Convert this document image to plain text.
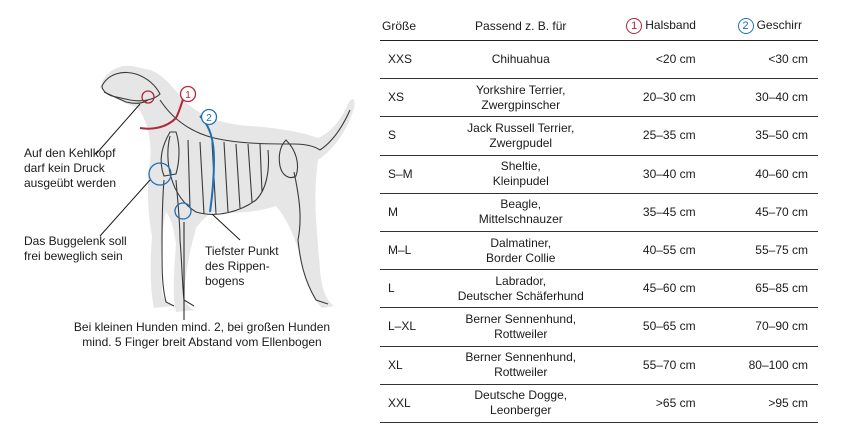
1
2
Auf den Kehlkopf
darf kein Druck
ausgeübt werden
Das Buggelenk soll
frei beweglich sein	Tiefster Punkt
des Rippen-
bogens
Bei kleinen Hunden mind. 2, bei großen Hunden
mind. 5 Finger breit Abstand vom Ellenbogen
Größe	Passend z. B. für	1 Halsband	2 Geschirr
XXS	Chihuahua	<20 cm	<30 cm
XS	Yorkshire Terrier,
Zwergpinscher	20–30 cm	30–40 cm
S	Jack Russell Terrier,
Zwergpudel	25–35 cm	35–50 cm
S–M	Sheltie,
Kleinpudel	30–40 cm	40–60 cm
M	Beagle,
Mittelschnauzer	35–45 cm	45–70 cm
M–L	Dalmatiner,
Border Collie	40–55 cm	55–75 cm
L	Labrador,
Deutscher Schäferhund	45–60 cm	65–85 cm
L–XL	Berner Sennenhund,
Rottweiler	50–65 cm	70–90 cm
XL	Berner Sennenhund,
Rottweiler	55–70 cm	80–100 cm
XXL	Deutsche Dogge,
Leonberger	>65 cm	>95 cm
